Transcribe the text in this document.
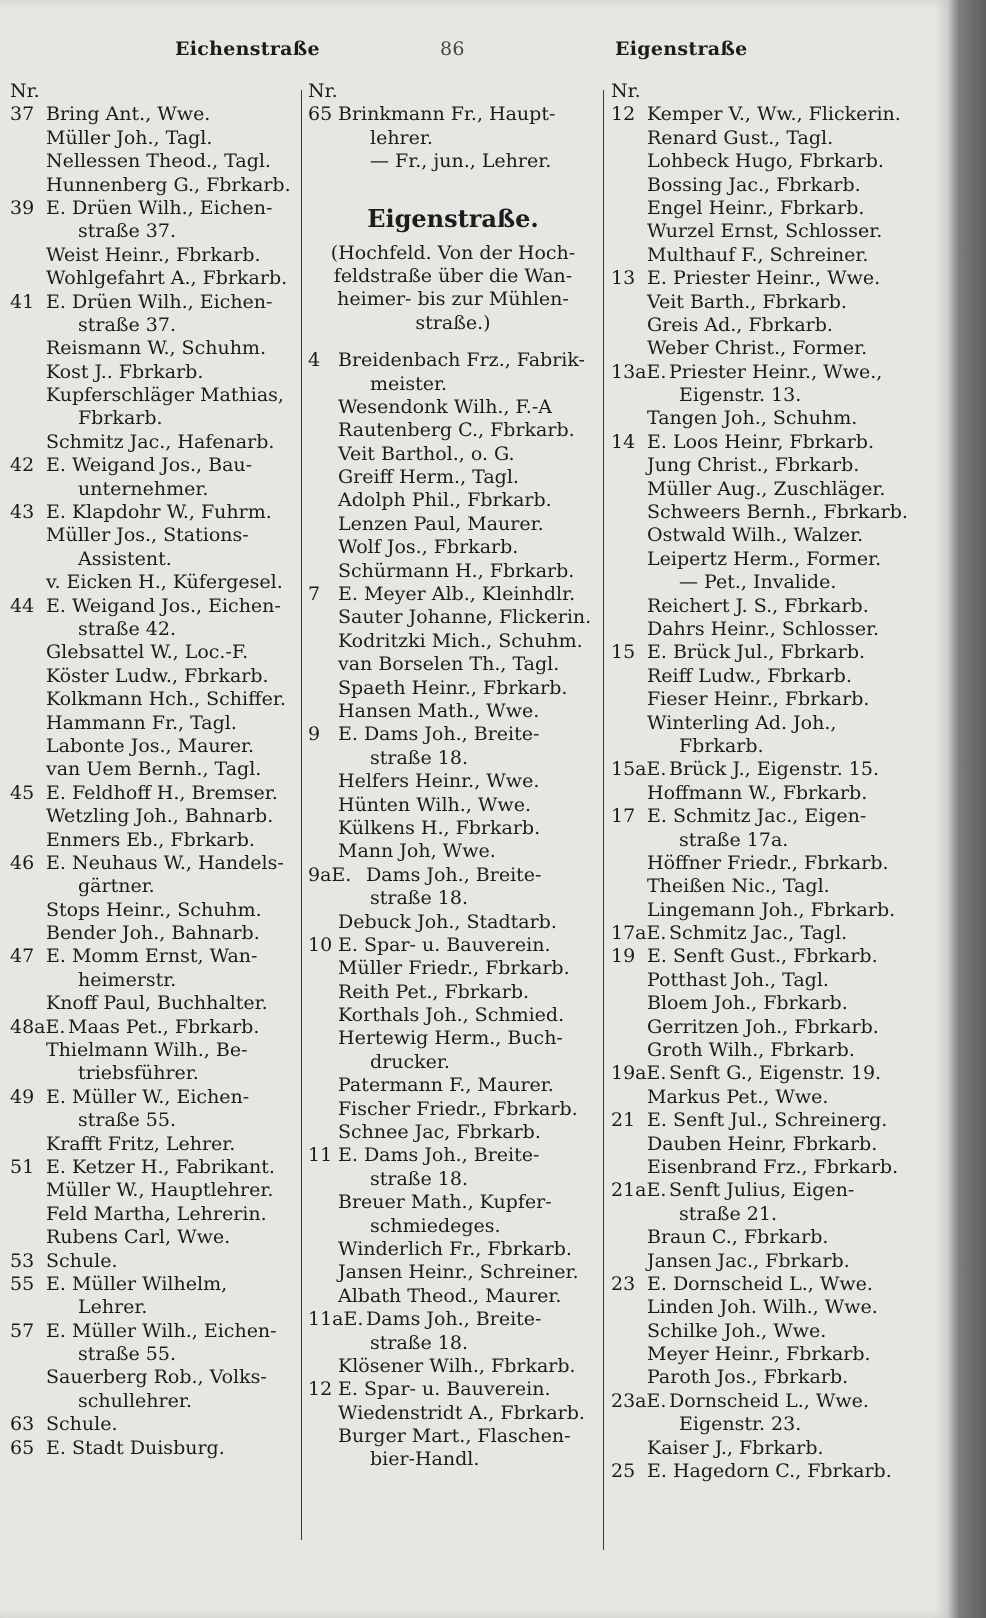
Eichenstraße	86	Eigenstraße
Nr.
37 Bring Ant., Wwe.
Müller Joh., Tagl.
Nellessen Theod., Tagl.
Hunnenberg G., Fbrkarb.
39 E. Drüen Wilh., Eichen-
straße 37.
Weist Heinr., Fbrkarb.
Wohlgefahrt A., Fbrkarb.
41 E. Drüen Wilh., Eichen-
straße 37.
Reismann W., Schuhm.
Kost J.. Fbrkarb.
Kupferschläger Mathias,
Fbrkarb.
Schmitz Jac., Hafenarb.
42 E. Weigand Jos., Bau-
unternehmer.
43 E. Klapdohr W., Fuhrm.
Müller Jos., Stations-
Assistent.
v. Eicken H., Küfergesel.
44 E. Weigand Jos., Eichen-
straße 42.
Glebsattel W., Loc.-F.
Köster Ludw., Fbrkarb.
Kolkmann Hch., Schiffer.
Hammann Fr., Tagl.
Labonte Jos., Maurer.
van Uem Bernh., Tagl.
45 E. Feldhoff H., Bremser.
Wetzling Joh., Bahnarb.
Enmers Eb., Fbrkarb.
46 E. Neuhaus W., Handels-
gärtner.
Stops Heinr., Schuhm.
Bender Joh., Bahnarb.
47 E. Momm Ernst, Wan-
heimerstr.
Knoff Paul, Buchhalter.
48aE. Maas Pet., Fbrkarb.
Thielmann Wilh., Be-
triebsführer.
49 E. Müller W., Eichen-
straße 55.
Krafft Fritz, Lehrer.
51 E. Ketzer H., Fabrikant.
Müller W., Hauptlehrer.
Feld Martha, Lehrerin.
Rubens Carl, Wwe.
53 Schule.
55 E. Müller Wilhelm,
Lehrer.
57 E. Müller Wilh., Eichen-
straße 55.
Sauerberg Rob., Volks-
schullehrer.
63 Schule.
65 E. Stadt Duisburg.
Nr.
65 Brinkmann Fr., Haupt-
lehrer.
— Fr., jun., Lehrer.
Eigenstraße.
(Hochfeld. Von der Hoch-
feldstraße über die Wan-
heimer- bis zur Mühlen-
straße.)
4 Breidenbach Frz., Fabrik-
meister.
Wesendonk Wilh., F.-A
Rautenberg C., Fbrkarb.
Veit Barthol., o. G.
Greiff Herm., Tagl.
Adolph Phil., Fbrkarb.
Lenzen Paul, Maurer.
Wolf Jos., Fbrkarb.
Schürmann H., Fbrkarb.
7 E. Meyer Alb., Kleinhdlr.
Sauter Johanne, Flickerin.
Kodritzki Mich., Schuhm.
van Borselen Th., Tagl.
Spaeth Heinr., Fbrkarb.
Hansen Math., Wwe.
9 E. Dams Joh., Breite-
straße 18.
Helfers Heinr., Wwe.
Hünten Wilh., Wwe.
Külkens H., Fbrkarb.
Mann Joh, Wwe.
9aE. Dams Joh., Breite-
straße 18.
Debuck Joh., Stadtarb.
10 E. Spar- u. Bauverein.
Müller Friedr., Fbrkarb.
Reith Pet., Fbrkarb.
Korthals Joh., Schmied.
Hertewig Herm., Buch-
drucker.
Patermann F., Maurer.
Fischer Friedr., Fbrkarb.
Schnee Jac, Fbrkarb.
11 E. Dams Joh., Breite-
straße 18.
Breuer Math., Kupfer-
schmiedeges.
Winderlich Fr., Fbrkarb.
Jansen Heinr., Schreiner.
Albath Theod., Maurer.
11aE. Dams Joh., Breite-
straße 18.
Klösener Wilh., Fbrkarb.
12 E. Spar- u. Bauverein.
Wiedenstridt A., Fbrkarb.
Burger Mart., Flaschen-
bier-Handl.
Nr.
12 Kemper V., Ww., Flickerin.
Renard Gust., Tagl.
Lohbeck Hugo, Fbrkarb.
Bossing Jac., Fbrkarb.
Engel Heinr., Fbrkarb.
Wurzel Ernst, Schlosser.
Multhauf F., Schreiner.
13 E. Priester Heinr., Wwe.
Veit Barth., Fbrkarb.
Greis Ad., Fbrkarb.
Weber Christ., Former.
13aE. Priester Heinr., Wwe.,
Eigenstr. 13.
Tangen Joh., Schuhm.
14 E. Loos Heinr, Fbrkarb.
Jung Christ., Fbrkarb.
Müller Aug., Zuschläger.
Schweers Bernh., Fbrkarb.
Ostwald Wilh., Walzer.
Leipertz Herm., Former.
— Pet., Invalide.
Reichert J. S., Fbrkarb.
Dahrs Heinr., Schlosser.
15 E. Brück Jul., Fbrkarb.
Reiff Ludw., Fbrkarb.
Fieser Heinr., Fbrkarb.
Winterling Ad. Joh.,
Fbrkarb.
15aE. Brück J., Eigenstr. 15.
Hoffmann W., Fbrkarb.
17 E. Schmitz Jac., Eigen-
straße 17a.
Höffner Friedr., Fbrkarb.
Theißen Nic., Tagl.
Lingemann Joh., Fbrkarb.
17aE. Schmitz Jac., Tagl.
19 E. Senft Gust., Fbrkarb.
Potthast Joh., Tagl.
Bloem Joh., Fbrkarb.
Gerritzen Joh., Fbrkarb.
Groth Wilh., Fbrkarb.
19aE. Senft G., Eigenstr. 19.
Markus Pet., Wwe.
21 E. Senft Jul., Schreinerg.
Dauben Heinr, Fbrkarb.
Eisenbrand Frz., Fbrkarb.
21aE. Senft Julius, Eigen-
straße 21.
Braun C., Fbrkarb.
Jansen Jac., Fbrkarb.
23 E. Dornscheid L., Wwe.
Linden Joh. Wilh., Wwe.
Schilke Joh., Wwe.
Meyer Heinr., Fbrkarb.
Paroth Jos., Fbrkarb.
23aE. Dornscheid L., Wwe.
Eigenstr. 23.
Kaiser J., Fbrkarb.
25 E. Hagedorn C., Fbrkarb.
